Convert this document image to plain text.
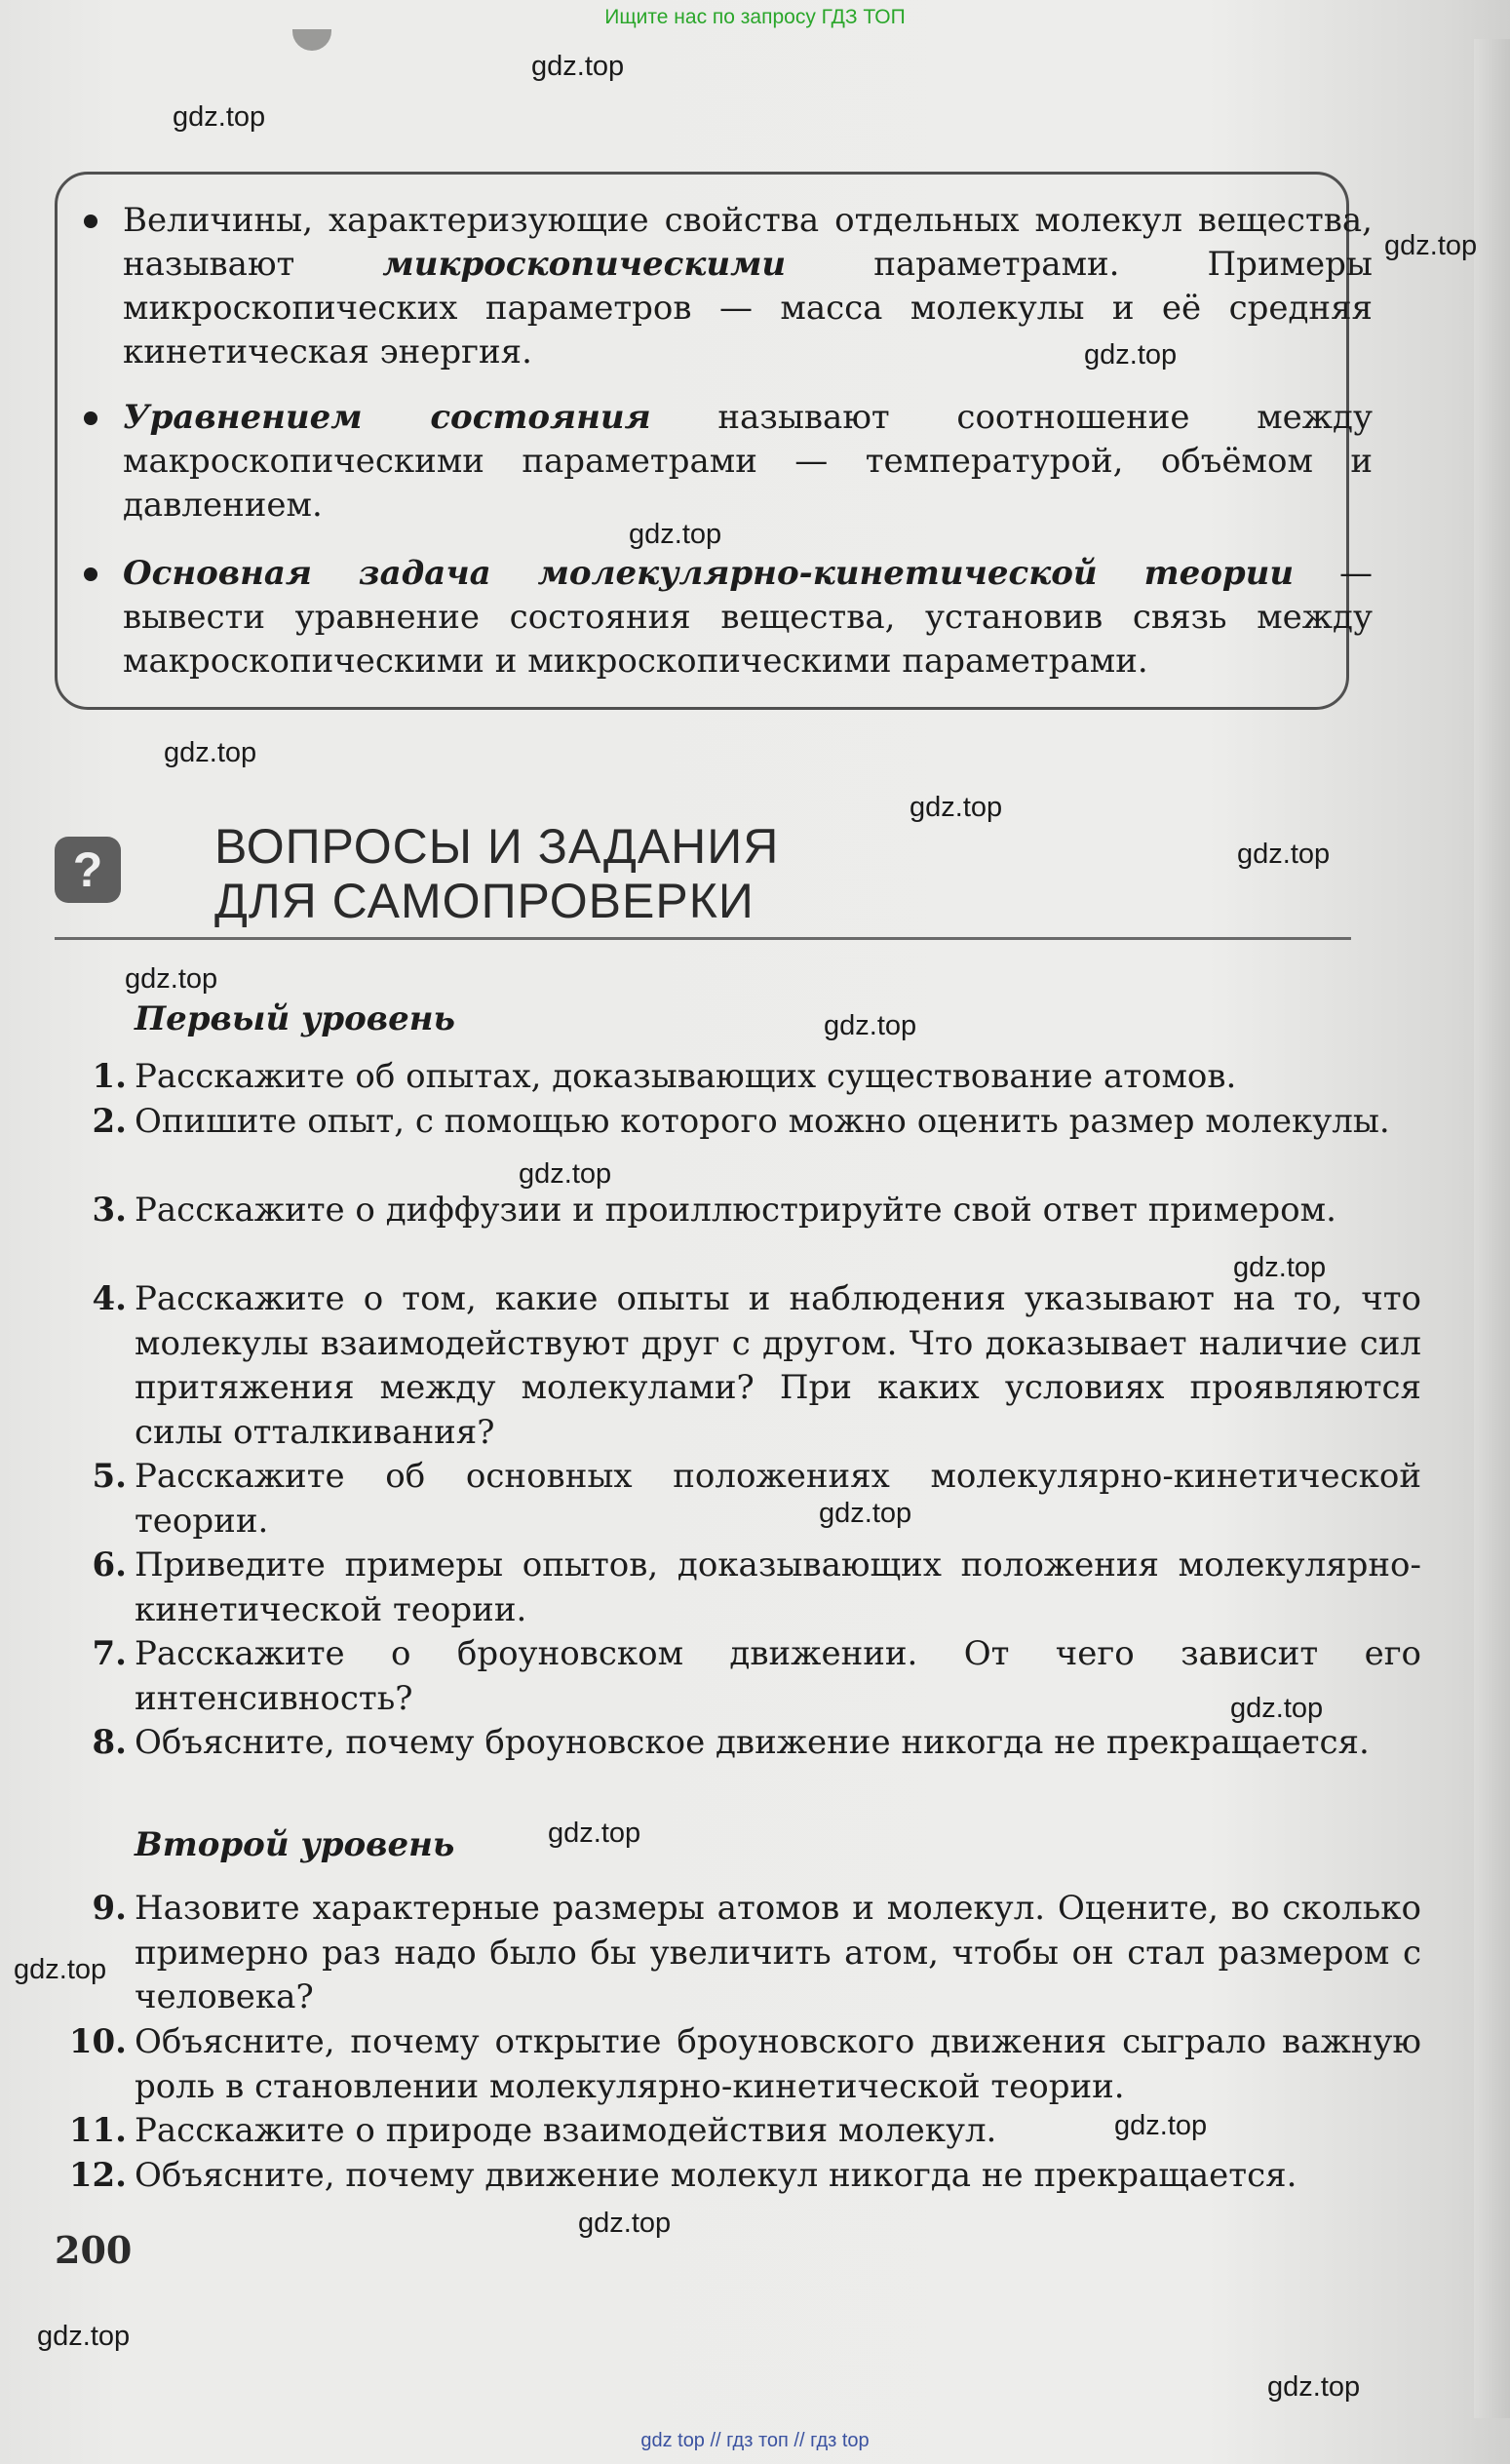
Ищите нас по запросу ГДЗ ТОП
Величины, характеризующие свойства отдельных молекул вещества, называют микроскопическими параметрами. Примеры микроскопических параметров — масса молекулы и её средняя кинетическая энергия.
Уравнением состояния называют соотношение между макроскопическими параметрами — температурой, объёмом и давлением.
Основная задача молекулярно-кинетической теории — вывести уравнение состояния вещества, установив связь между макроскопическими и микроскопическими параметрами.
?	ВОПРОСЫ И ЗАДАНИЯ
ДЛЯ САМОПРОВЕРКИ
Первый уровень
1. Расскажите об опытах, доказывающих существование атомов.
2. Опишите опыт, с помощью которого можно оценить размер молекулы.
3. Расскажите о диффузии и проиллюстрируйте свой ответ примером.
4. Расскажите о том, какие опыты и наблюдения указывают на то, что молекулы взаимодействуют друг с другом. Что доказывает наличие сил притяжения между молекулами? При каких условиях проявляются силы отталкивания?
5. Расскажите об основных положениях молекулярно-кинетической теории.
6. Приведите примеры опытов, доказывающих положения молекулярно-кинетической теории.
7. Расскажите о броуновском движении. От чего зависит его интенсивность?
8. Объясните, почему броуновское движение никогда не прекращается.
Второй уровень
9. Назовите характерные размеры атомов и молекул. Оцените, во сколько примерно раз надо было бы увеличить атом, чтобы он стал размером с человека?
10. Объясните, почему открытие броуновского движения сыграло важную роль в становлении молекулярно-кинетической теории.
11. Расскажите о природе взаимодействия молекул.
12. Объясните, почему движение молекул никогда не прекращается.
200
gdz.top
gdz.top
gdz.top
gdz.top
gdz.top
gdz.top
gdz.top
gdz.top
gdz.top
gdz.top
gdz.top
gdz.top
gdz.top
gdz.top
gdz.top
gdz.top
gdz.top
gdz.top
gdz.top
gdz.top
gdz top // гдз топ // гдз top
